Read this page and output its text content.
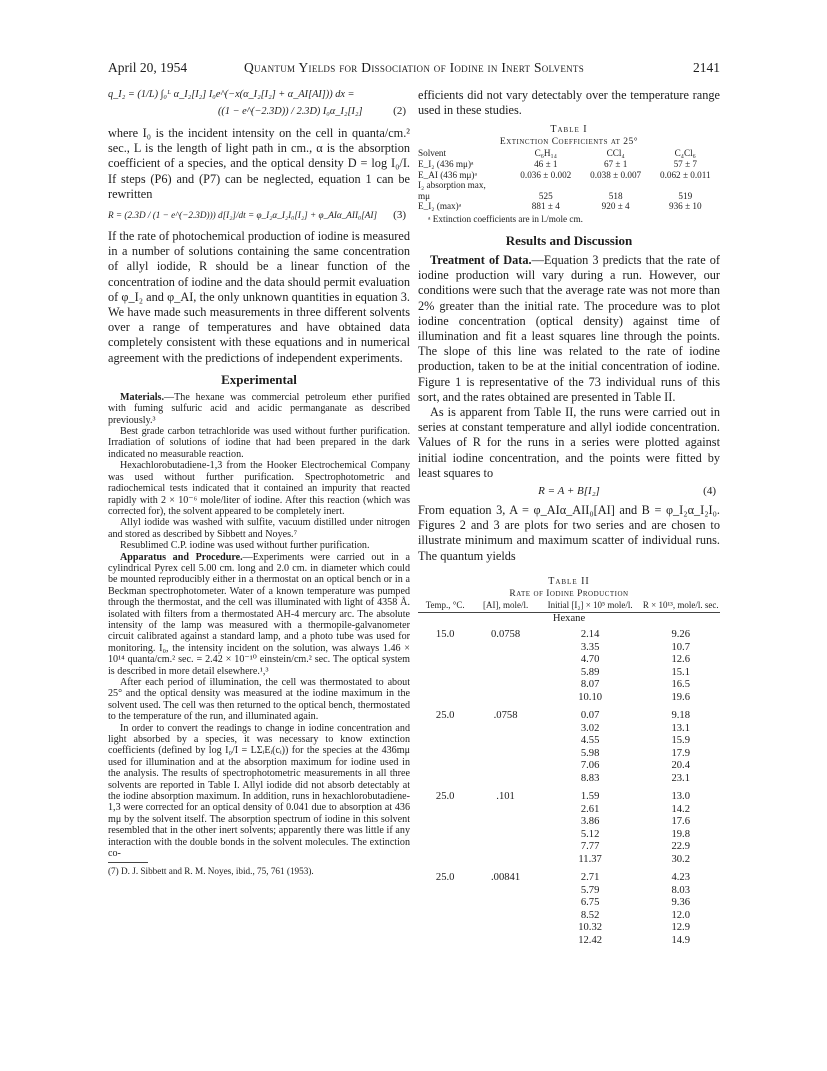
April 20, 1954	Quantum Yields for Dissociation of Iodine in Inert Solvents	2141
q_I₂ = (1/L) ∫₀ᴸ α_I₂[I₂] I₀e^(−x(α_I₂[I₂] + α_AI[AI])) dx =
((1 − e^(−2.3D)) / 2.3D) I₀α_I₂[I₂]	(2)

where I₀ is the incident intensity on the cell in quanta/cm.² sec., L is the length of light path in cm., α is the absorption coefficient of a species, and the optical density D = log I₀/I. If steps (P6) and (P7) can be neglected, equation 1 can be rewritten

R = (2.3D / (1 − e^(−2.3D))) d[I₂]/dt = φ_I₂α_I₂I₀[I₂] + φ_AIα_AII₀[AI] (3)

If the rate of photochemical production of iodine is measured in a number of solutions containing the same concentration of allyl iodide, R should be a linear function of the concentration of iodine and the data should permit evaluation of φ_I₂ and φ_AI, the only unknown quantities in equation 3. We have made such measurements in three different solvents over a range of temperatures and have obtained data completely consistent with these equations and in numerical agreement with the predictions of independent experiments.

Experimental

Materials.—The hexane was commercial petroleum ether purified with fuming sulfuric acid and acidic permanganate as described previously.³

Best grade carbon tetrachloride was used without further purification. Irradiation of solutions of iodine that had been prepared in the dark indicated no measurable reaction.

Hexachlorobutadiene-1,3 from the Hooker Electrochemical Company was used without further purification. Spectrophotometric and radiochemical tests indicated that it contained an impurity that reacted rapidly with 2 × 10⁻⁶ mole/liter of iodine. After this reaction (which was corrected for), the solvent appeared to be completely inert.

Allyl iodide was washed with sulfite, vacuum distilled under nitrogen and stored as described by Sibbett and Noyes.⁷

Resublimed C.P. iodine was used without further purification.

Apparatus and Procedure.—Experiments were carried out in a cylindrical Pyrex cell 5.00 cm. long and 2.0 cm. in diameter which could be mounted reproducibly either in a thermostat on an optical bench or in a Beckman spectrophotometer. Water of a known temperature was pumped through the thermostat, and the cell was illuminated with light of 4358 Å. isolated with filters from a thermostated AH-4 mercury arc. The absolute intensity of the lamp was measured with a thermopile-galvanometer circuit calibrated against a standard lamp, and a photo tube was used for monitoring. I₀, the intensity incident on the solution, was always 1.46 × 10¹⁴ quanta/cm.² sec. = 2.42 × 10⁻¹⁰ einstein/cm.² sec. The optical system is described in more detail elsewhere.¹,³

After each period of illumination, the cell was thermostated to about 25° and the optical density was measured at the iodine maximum in the solvent used. The cell was then returned to the optical bench, thermostated to the temperature of the run, and illuminated again.

In order to convert the readings to change in iodine concentration and light absorbed by a species, it was necessary to know extinction coefficients (defined by log I₀/I = LΣᵢEᵢ(cᵢ)) for the species at the 436mμ used for illumination and at the absorption maximum for iodine used in the analysis. The results of spectrophotometric measurements in all three solvents are reported in Table I. Allyl iodide did not absorb detectably at the iodine absorption maximum. In addition, runs in hexachlorobutadiene-1,3 were corrected for an optical density of 0.041 due to absorption at 436 mμ by the solvent itself. The absorption spectrum of iodine in this solvent resembled that in the other inert solvents; apparently there was little if any interaction with the double bonds in the solvent molecules. The extinction co-

(7) D. J. Sibbett and R. M. Noyes, ibid., 75, 761 (1953).

efficients did not vary detectably over the temperature range used in these studies.

Table I
Extinction Coefficients at 25°
Solvent	C₆H₁₄	CCl₄	C₄Cl₆
E_I₂ (436 mμ)ᵃ	46 ± 1	67 ± 1	57 ± 7
E_AI (436 mμ)ᵃ	0.036 ± 0.002	0.038 ± 0.007	0.062 ± 0.011
I₂ absorption max,			
mμ	525	518	519
E_I₂ (max)ᵃ	881 ± 4	920 ± 4	936 ± 10

ᵃ Extinction coefficients are in l./mole cm.

Results and Discussion

Treatment of Data.—Equation 3 predicts that the rate of iodine production will vary during a run. However, our conditions were such that the average rate was not more than 2% greater than the initial rate. The procedure was to plot iodine concentration (optical density) against time of illumination and fit a least squares line through the points. The slope of this line was related to the rate of iodine production, taken to be at the initial concentration of iodine. Figure 1 is representative of the 73 individual runs of this sort, and the rates obtained are presented in Table II.

As is apparent from Table II, the runs were carried out in series at constant temperature and allyl iodide concentration. Values of R for the runs in a series were plotted against initial iodine concentration, and the points were fitted by least squares to

R = A + B[I₂]	(4)

From equation 3, A = φ_AIα_AII₀[AI] and B = φ_I₂α_I₂I₀. Figures 2 and 3 are plots for two series and are chosen to illustrate minimum and maximum scatter of individual runs. The quantum yields

Table II
Rate of Iodine Production
Temp., °C.	[AI], mole/l.	Initial [I₂] × 10⁵ mole/l.	R × 10¹³, mole/l. sec.

Hexane			
15.0	0.0758	2.14	9.26
		3.35	10.7
		4.70	12.6
		5.89	15.1
		8.07	16.5
		10.10	19.6

25.0	.0758	0.07	9.18
		3.02	13.1
		4.55	15.9
		5.98	17.9
		7.06	20.4
		8.83	23.1

25.0	.101	1.59	13.0
		2.61	14.2
		3.86	17.6
		5.12	19.8
		7.77	22.9
		11.37	30.2

25.0	.00841	2.71	4.23
		5.79	8.03
		6.75	9.36
		8.52	12.0
		10.32	12.9
		12.42	14.9
